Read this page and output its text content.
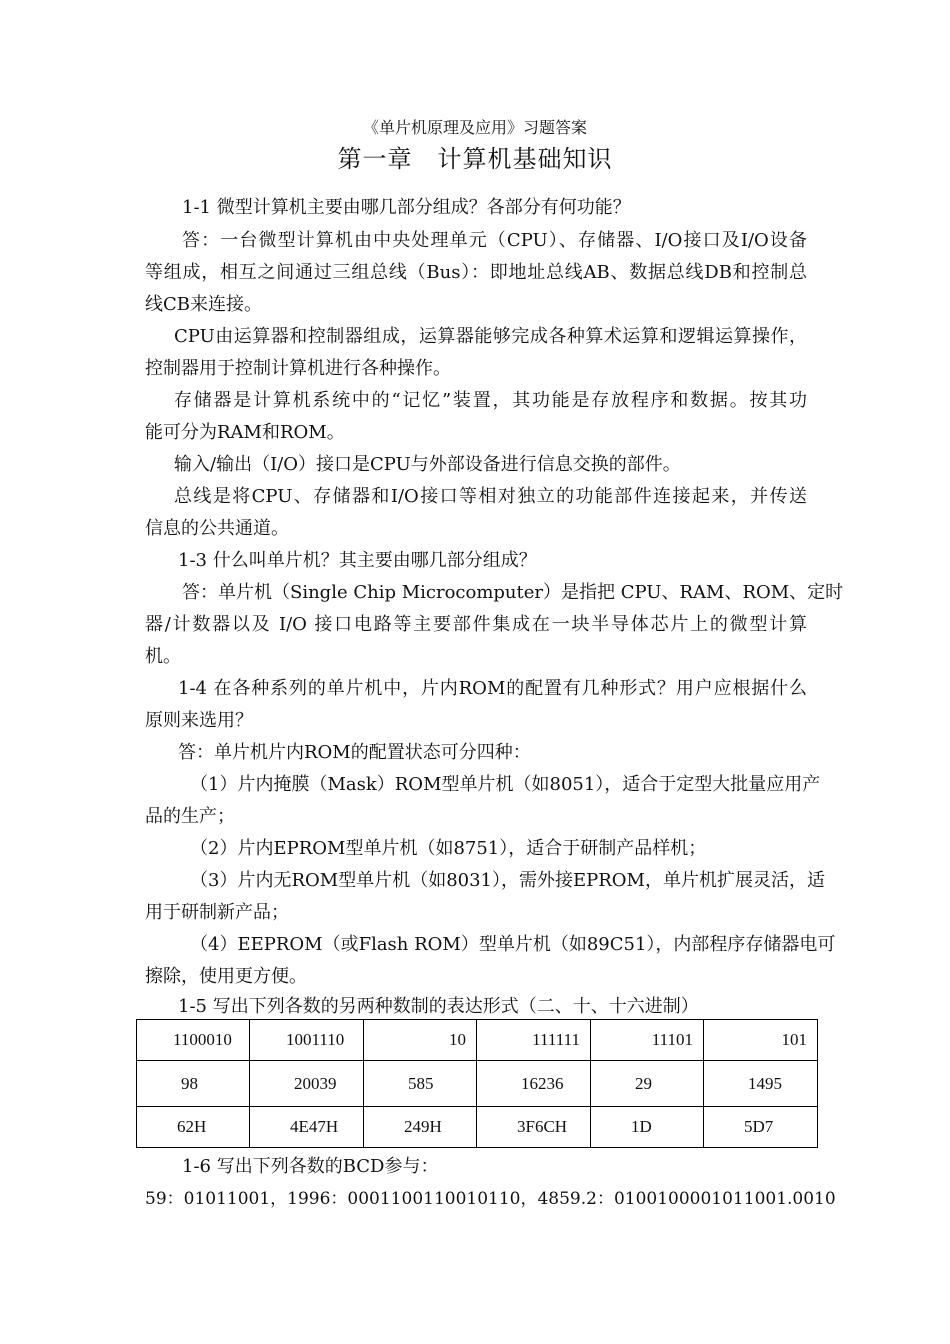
《单片机原理及应用》习题答案
第一章　计算机基础知识
1-1 微型计算机主要由哪几部分组成？各部分有何功能？
答：一台微型计算机由中央处理单元（CPU）、存储器、I/O接口及I/O设备
等组成，相互之间通过三组总线（Bus）：即地址总线AB、数据总线DB和控制总
线CB来连接。
CPU由运算器和控制器组成，运算器能够完成各种算术运算和逻辑运算操作，
控制器用于控制计算机进行各种操作。
存储器是计算机系统中的“记忆”装置，其功能是存放程序和数据。按其功
能可分为RAM和ROM。
输入/输出（I/O）接口是CPU与外部设备进行信息交换的部件。
总线是将CPU、存储器和I/O接口等相对独立的功能部件连接起来，并传送
信息的公共通道。
1-3 什么叫单片机？其主要由哪几部分组成？
答：单片机（Single Chip Microcomputer）是指把 CPU、RAM、ROM、定时
器/计数器以及 I/O 接口电路等主要部件集成在一块半导体芯片上的微型计算
机。
1-4 在各种系列的单片机中，片内ROM的配置有几种形式？用户应根据什么
原则来选用？
答：单片机片内ROM的配置状态可分四种：
（1）片内掩膜（Mask）ROM型单片机（如8051），适合于定型大批量应用产
品的生产；
（2）片内EPROM型单片机（如8751），适合于研制产品样机；
（3）片内无ROM型单片机（如8031），需外接EPROM，单片机扩展灵活，适
用于研制新产品；
（4）EEPROM（或Flash ROM）型单片机（如89C51），内部程序存储器电可
擦除，使用更方便。
1-5 写出下列各数的另两种数制的表达形式（二、十、十六进制）
1100010	1001110	10	111111	11101	101
98	20039	585	16236	29	1495
62H	4E47H	249H	3F6CH	1D	5D7
1-6 写出下列各数的BCD参与：
59：01011001，1996：0001100110010110，4859.2：0100100001011001.0010
